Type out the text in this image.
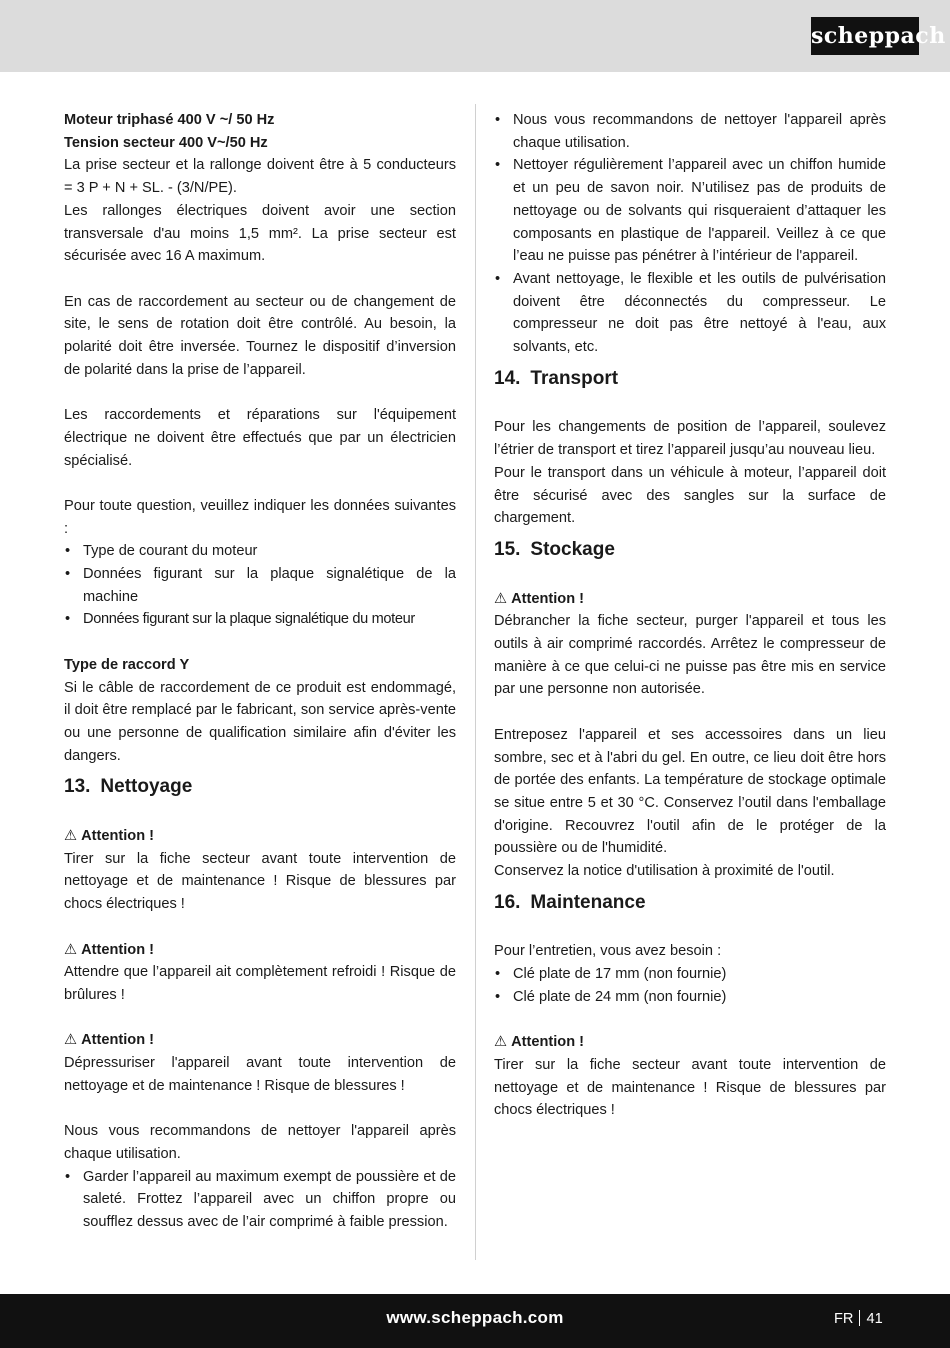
scheppach

Moteur triphasé 400 V ~/ 50 Hz

Tension secteur 400 V~/50 Hz

La prise secteur et la rallonge doivent être à 5 conducteurs = 3 P + N + SL. - (3/N/PE).

Les rallonges électriques doivent avoir une section transversale d'au moins 1,5 mm². La prise secteur est sécurisée avec 16 A maximum.

En cas de raccordement au secteur ou de changement de site, le sens de rotation doit être contrôlé. Au besoin, la polarité doit être inversée. Tournez le dispositif d’inversion de polarité dans la prise de l’appareil.

Les raccordements et réparations sur l'équipement électrique ne doivent être effectués que par un électricien spécialisé.

Pour toute question, veuillez indiquer les données suivantes :

• Type de courant du moteur
• Données figurant sur la plaque signalétique de la machine
• Données figurant sur la plaque signalétique du moteur

Type de raccord Y

Si le câble de raccordement de ce produit est endommagé, il doit être remplacé par le fabricant, son service après-vente ou une personne de qualification similaire afin d'éviter les dangers.

13. Nettoyage

⚠ Attention !

Tirer sur la fiche secteur avant toute intervention de nettoyage et de maintenance ! Risque de blessures par chocs électriques !

⚠ Attention !

Attendre que l’appareil ait complètement refroidi ! Risque de brûlures !

⚠ Attention !

Dépressuriser l'appareil avant toute intervention de nettoyage et de maintenance ! Risque de blessures !

Nous vous recommandons de nettoyer l'appareil après chaque utilisation.

• Garder l’appareil au maximum exempt de poussière et de saleté. Frottez l’appareil avec un chiffon propre ou soufflez dessus avec de l’air comprimé à faible pression.
• Nous vous recommandons de nettoyer l'appareil après chaque utilisation.
• Nettoyer régulièrement l’appareil avec un chiffon humide et un peu de savon noir. N’utilisez pas de produits de nettoyage ou de solvants qui risqueraient d’attaquer les composants en plastique de l'appareil. Veillez à ce que l’eau ne puisse pas pénétrer à l’intérieur de l'appareil.
• Avant nettoyage, le flexible et les outils de pulvérisation doivent être déconnectés du compresseur. Le compresseur ne doit pas être nettoyé à l'eau, aux solvants, etc.
14. Transport

Pour les changements de position de l’appareil, soulevez l’étrier de transport et tirez l’appareil jusqu’au nouveau lieu.

Pour le transport dans un véhicule à moteur, l’appareil doit être sécurisé avec des sangles sur la surface de chargement.

15. Stockage

⚠ Attention !

Débrancher la fiche secteur, purger l'appareil et tous les outils à air comprimé raccordés. Arrêtez le compresseur de manière à ce que celui-ci ne puisse pas être mis en service par une personne non autorisée.

Entreposez l'appareil et ses accessoires dans un lieu sombre, sec et à l'abri du gel. En outre, ce lieu doit être hors de portée des enfants. La température de stockage optimale se situe entre 5 et 30 °C. Conservez l’outil dans l'emballage d'origine. Recouvrez l'outil afin de le protéger de la poussière ou de l'humidité.

Conservez la notice d'utilisation à proximité de l'outil.

16. Maintenance

Pour l’entretien, vous avez besoin :

• Clé plate de 17 mm (non fournie)
• Clé plate de 24 mm (non fournie)

⚠ Attention !

Tirer sur la fiche secteur avant toute intervention de nettoyage et de maintenance ! Risque de blessures par chocs électriques !

www.scheppach.com	FR 41
